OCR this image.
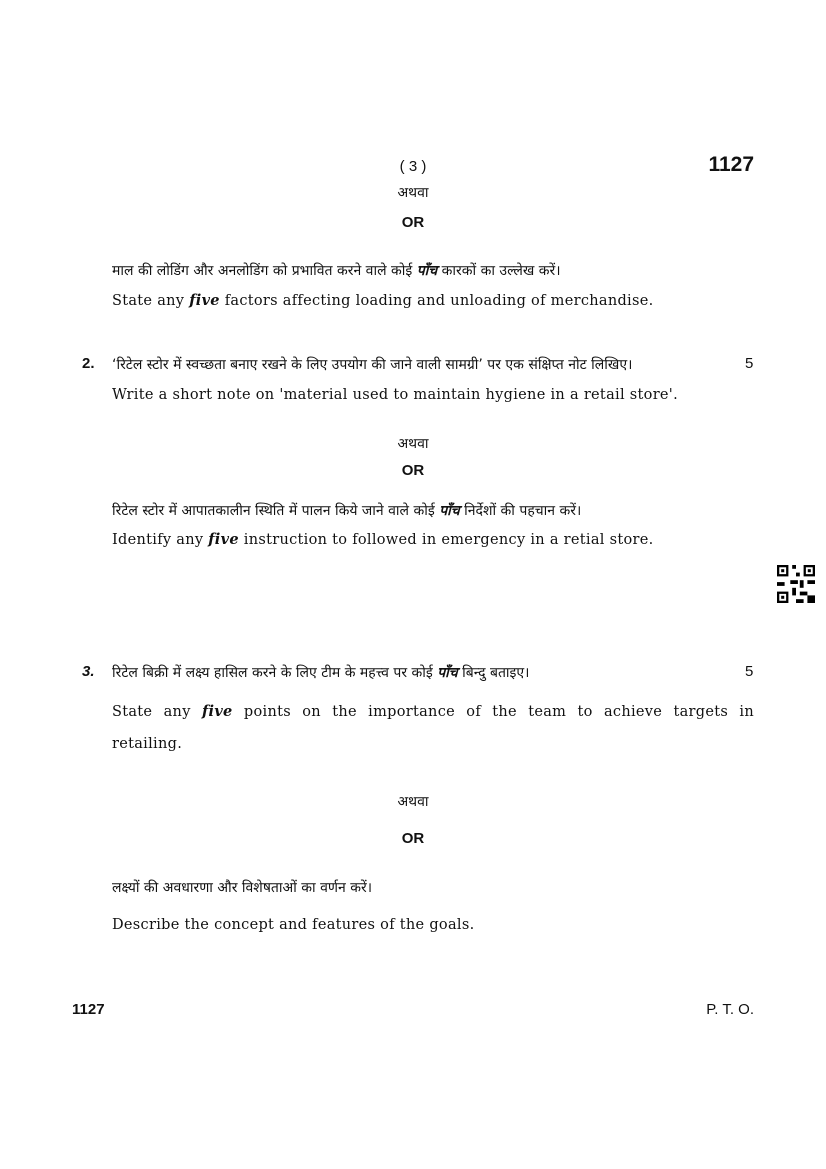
( 3 )	1127
अथवा
OR
माल की लोडिंग और अनलोडिंग को प्रभावित करने वाले कोई पाँच कारकों का उल्लेख करें।
State any five factors affecting loading and unloading of merchandise.
2. ‘रिटेल स्टोर में स्वच्छता बनाए रखने के लिए उपयोग की जाने वाली सामग्री’ पर एक संक्षिप्त नोट लिखिए।	5
Write a short note on 'material used to maintain hygiene in a retail store'.
अथवा
OR
रिटेल स्टोर में आपातकालीन स्थिति में पालन किये जाने वाले कोई पाँच निर्देशों की पहचान करें।
Identify any five instruction to followed in emergency in a retial store.
3. रिटेल बिक्री में लक्ष्य हासिल करने के लिए टीम के महत्त्व पर कोई पाँच बिन्दु बताइए।	5
State any five points on the importance of the team to achieve targets in
retailing.
अथवा
OR
लक्ष्यों की अवधारणा और विशेषताओं का वर्णन करें।
Describe the concept and features of the goals.
1127	P. T. O.
